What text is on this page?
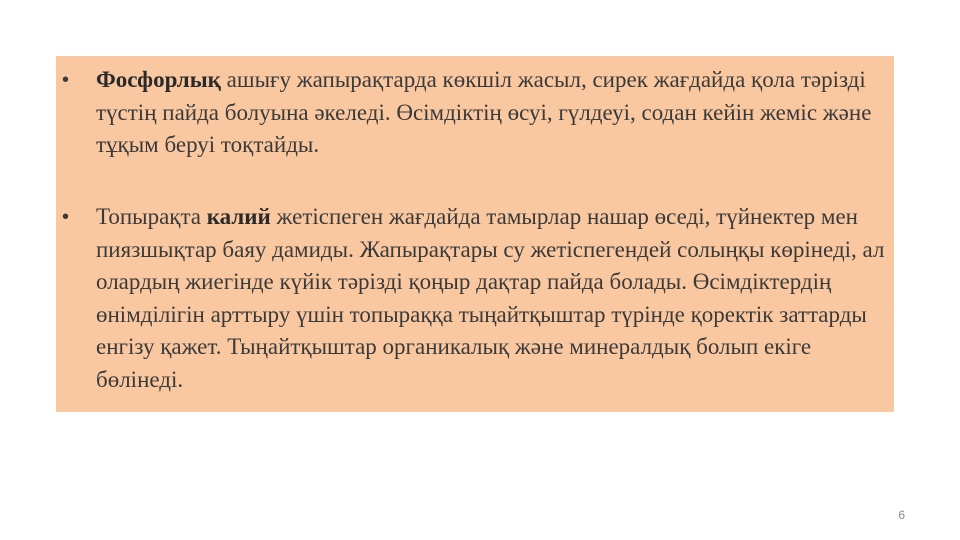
• Фосфорлық ашығу жапырақтарда көкшіл жасыл, сирек жағдайда қола тәрізді түстің пайда болуына әкеледі. Өсімдіктің өсуі, гүлдеуі, содан кейін жеміс және тұқым беруі тоқтайды.
• Топырақта калий жетіспеген жағдайда тамырлар нашар өседі, түйнектер мен пиязшықтар баяу дамиды. Жапырақтары су жетіспегендей солыңқы көрінеді, ал олардың жиегінде күйік тәрізді қоңыр дақтар пайда болады. Өсімдіктердің өнімділігін арттыру үшін топыраққа тыңайтқыштар түрінде қоректік заттарды енгізу қажет. Тыңайтқыштар органикалық және минералдық болып екіге бөлінеді.
6
